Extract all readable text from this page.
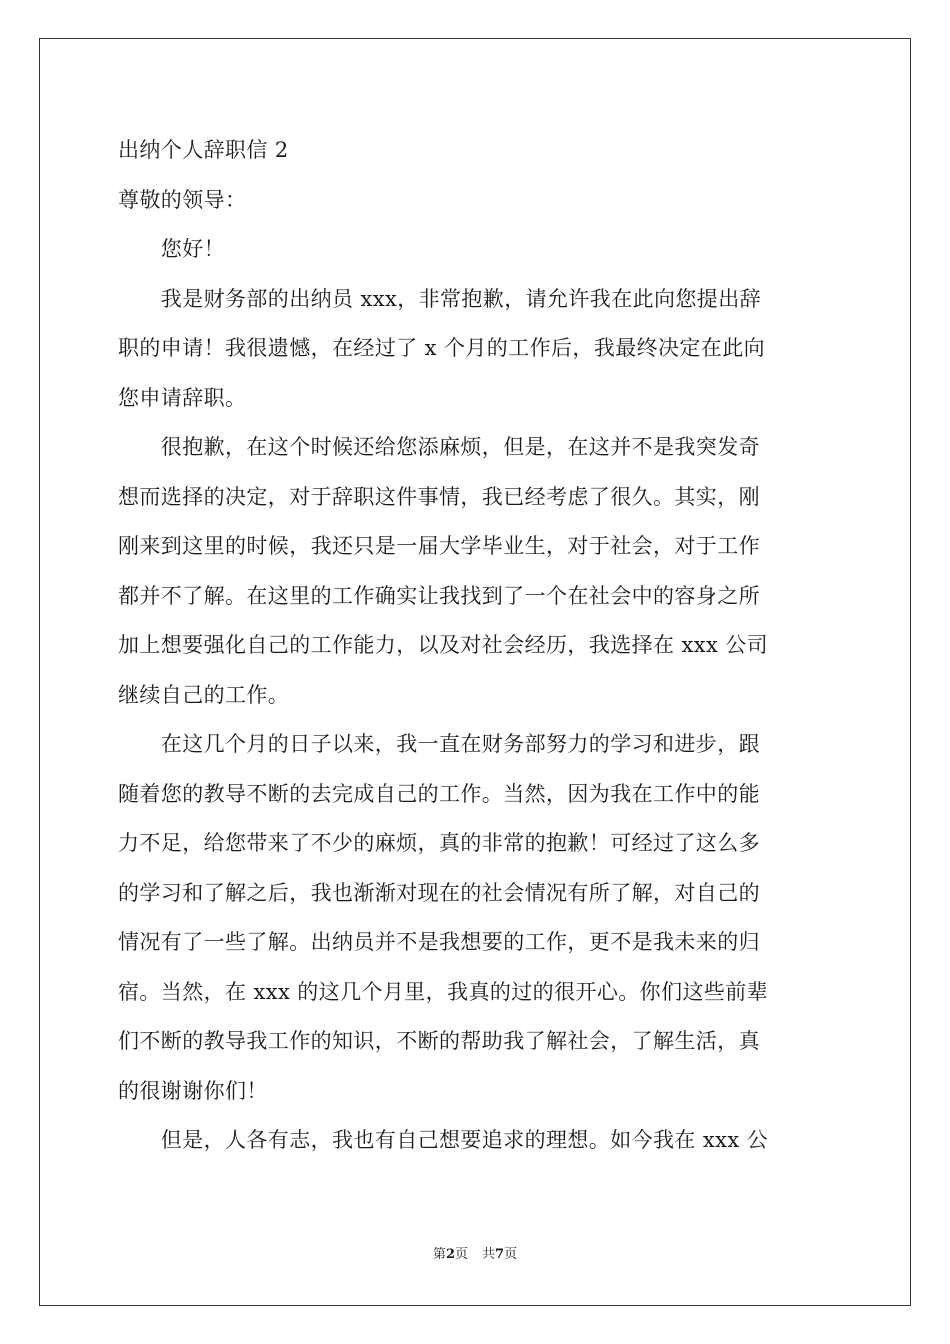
出纳个人辞职信 2
尊敬的领导：
　　您好！
　　我是财务部的出纳员 xxx，非常抱歉，请允许我在此向您提出辞
职的申请！我很遗憾，在经过了 x 个月的工作后，我最终决定在此向
您申请辞职。
　　很抱歉，在这个时候还给您添麻烦，但是，在这并不是我突发奇
想而选择的决定，对于辞职这件事情，我已经考虑了很久。其实，刚
刚来到这里的时候，我还只是一届大学毕业生，对于社会，对于工作
都并不了解。在这里的工作确实让我找到了一个在社会中的容身之所
加上想要强化自己的工作能力，以及对社会经历，我选择在 xxx 公司
继续自己的工作。
　　在这几个月的日子以来，我一直在财务部努力的学习和进步，跟
随着您的教导不断的去完成自己的工作。当然，因为我在工作中的能
力不足，给您带来了不少的麻烦，真的非常的抱歉！可经过了这么多
的学习和了解之后，我也渐渐对现在的社会情况有所了解，对自己的
情况有了一些了解。出纳员并不是我想要的工作，更不是我未来的归
宿。当然，在 xxx 的这几个月里，我真的过的很开心。你们这些前辈
们不断的教导我工作的知识，不断的帮助我了解社会，了解生活，真
的很谢谢你们！
　　但是，人各有志，我也有自己想要追求的理想。如今我在 xxx 公
第2页 共7页
